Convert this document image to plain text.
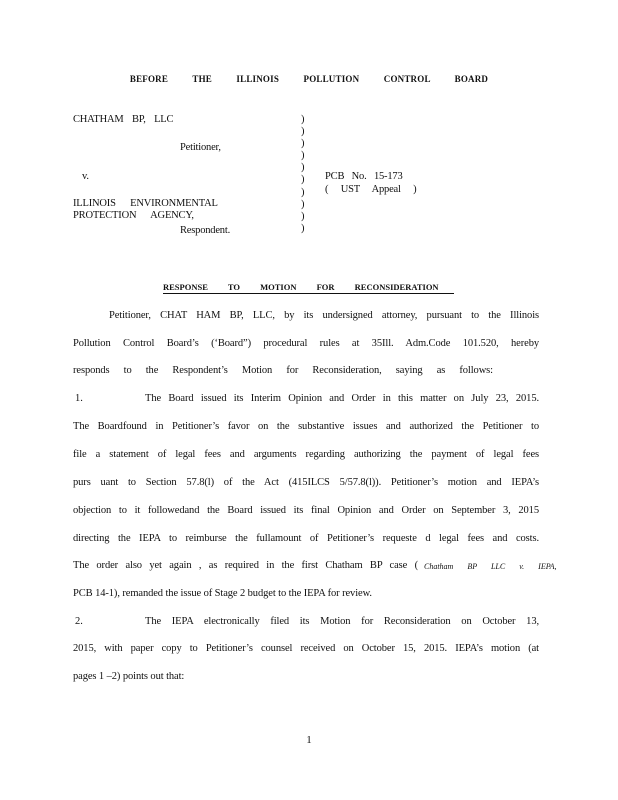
BEFORE THE ILLINOIS POLLUTION CONTROL BOARD
CHATHAM BP, LLC
Petitioner,
v.
ILLINOIS ENVIRONMENTAL
PROTECTION AGENCY,
Respondent.
)
)
)
)
)
)
)
)
)
)
PCB No. 15-173
( UST Appeal )
RESPONSE TO MOTION FOR RECONSIDERATION
Petitioner, CHAT HAM BP, LLC, by its undersigned attorney, pursuant to the Illinois
Pollution Control Board’s (‘Board”) procedural rules at 35Ill. Adm.Code 101.520, hereby
responds to the Respondent’s Motion for Reconsideration, saying as follows:
1.	The Board issued its Interim Opinion and Order in this matter on July 23, 2015.
The Boardfound in Petitioner’s favor on the substantive issues and authorized the Petitioner to
file a statement of legal fees and arguments regarding authorizing the payment of legal fees
purs uant to Section 57.8(l) of the Act (415ILCS 5/57.8(l)). Petitioner’s motion and IEPA’s
objection to it followedand the Board issued its final Opinion and Order on September 3, 2015
directing the IEPA to reimburse the fullamount of Petitioner’s requeste d legal fees and costs.
The order also yet again , as required in the first Chatham BP case ( Chatham BP LLC v. IEPA,
PCB 14-1), remanded the issue of Stage 2 budget to the IEPA for review.
2.	The IEPA electronically filed its Motion for Reconsideration on October 13,
2015, with paper copy to Petitioner’s counsel received on October 15, 2015. IEPA’s motion (at
pages 1 –2) points out that:
1
